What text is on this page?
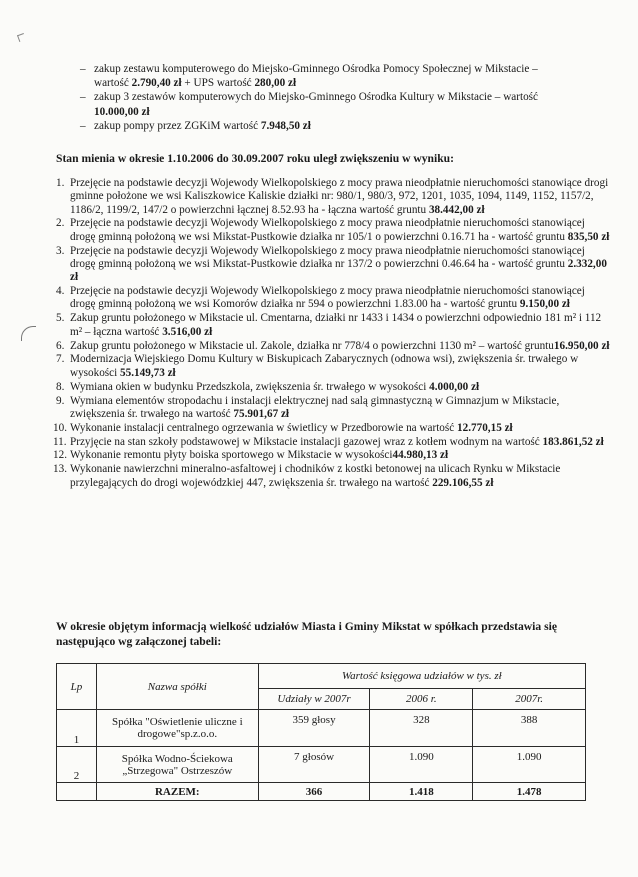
– zakup zestawu komputerowego do Miejsko-Gminnego Ośrodka Pomocy Społecznej w Mikstacie – wartość 2.790,40 zł + UPS wartość 280,00 zł
– zakup 3 zestawów komputerowych do Miejsko-Gminnego Ośrodka Kultury w Mikstacie – wartość 10.000,00 zł
– zakup pompy przez ZGKiM wartość 7.948,50 zł
Stan mienia w okresie 1.10.2006 do 30.09.2007 roku uległ zwiększeniu w wyniku:
1. Przejęcie na podstawie decyzji Wojewody Wielkopolskiego z mocy prawa nieodpłatnie nieruchomości stanowiące drogi gminne położone we wsi Kaliszkowice Kaliskie działki nr: 980/1, 980/3, 972, 1201, 1035, 1094, 1149, 1152, 1157/2, 1186/2, 1199/2, 147/2 o powierzchni łącznej 8.52.93 ha - łączna wartość gruntu 38.442,00 zł
2. Przejęcie na podstawie decyzji Wojewody Wielkopolskiego z mocy prawa nieodpłatnie nieruchomości stanowiącej drogę gminną położoną we wsi Mikstat-Pustkowie działka nr 105/1 o powierzchni 0.16.71 ha - wartość gruntu 835,50 zł
3. Przejęcie na podstawie decyzji Wojewody Wielkopolskiego z mocy prawa nieodpłatnie nieruchomości stanowiącej drogę gminną położoną we wsi Mikstat-Pustkowie działka nr 137/2 o powierzchni 0.46.64 ha - wartość gruntu 2.332,00 zł
4. Przejęcie na podstawie decyzji Wojewody Wielkopolskiego z mocy prawa nieodpłatnie nieruchomości stanowiącej drogę gminną położoną we wsi Komorów działka nr 594 o powierzchni 1.83.00 ha - wartość gruntu 9.150,00 zł
5. Zakup gruntu położonego w Mikstacie ul. Cmentarna, działki nr 1433 i 1434 o powierzchni odpowiednio 181 m² i 112 m² – łączna wartość 3.516,00 zł
6. Zakup gruntu położonego w Mikstacie ul. Zakole, działka nr 778/4 o powierzchni 1130 m² – wartość gruntu16.950,00 zł
7. Modernizacja Wiejskiego Domu Kultury w Biskupicach Zabarycznych (odnowa wsi), zwiększenia śr. trwałego w wysokości 55.149,73 zł
8. Wymiana okien w budynku Przedszkola, zwiększenia śr. trwałego w wysokości 4.000,00 zł
9. Wymiana elementów stropodachu i instalacji elektrycznej nad salą gimnastyczną w Gimnazjum w Mikstacie, zwiększenia śr. trwałego na wartość 75.901,67 zł
10. Wykonanie instalacji centralnego ogrzewania w świetlicy w Przedborowie na wartość 12.770,15 zł
11. Przyjęcie na stan szkoły podstawowej w Mikstacie instalacji gazowej wraz z kotłem wodnym na wartość 183.861,52 zł
12. Wykonanie remontu płyty boiska sportowego w Mikstacie w wysokości44.980,13 zł
13. Wykonanie nawierzchni mineralno-asfaltowej i chodników z kostki betonowej na ulicach Rynku w Mikstacie przylegających do drogi wojewódzkiej 447, zwiększenia śr. trwałego na wartość 229.106,55 zł
W okresie objętym informacją wielkość udziałów Miasta i Gminy Mikstat w spółkach przedstawia się następująco wg załączonej tabeli:
Lp	Nazwa spółki	Wartość księgowa udziałów w tys. zł		
		Udziały w 2007r	2006 r.	2007r.
1	Spółka "Oświetlenie uliczne i drogowe"sp.z.o.o.	359 głosy	328	388
2	Spółka Wodno-Ściekowa „Strzegowa" Ostrzeszów	7 głosów	1.090	1.090
	RAZEM:	366	1.418	1.478
